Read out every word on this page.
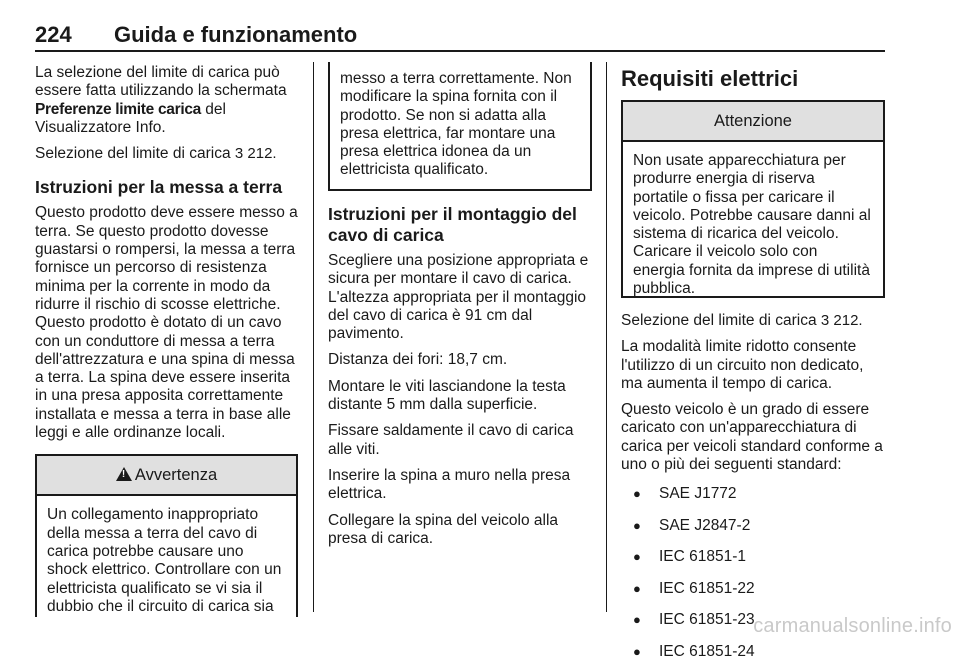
224 Guida e funzionamento

La selezione del limite di carica può essere fatta utilizzando la schermata Preferenze limite carica del Visualizzatore Info.

Selezione del limite di carica 3 212.

Istruzioni per la messa a terra

Questo prodotto deve essere messo a terra. Se questo prodotto dovesse guastarsi o rompersi, la messa a terra fornisce un percorso di resistenza minima per la corrente in modo da ridurre il rischio di scosse elettriche. Questo prodotto è dotato di un cavo con un conduttore di messa a terra dell'attrezzatura e una spina di messa a terra. La spina deve essere inserita in una presa apposita correttamente installata e messa a terra in base alle leggi e alle ordinanze locali.

! Avvertenza
Un collegamento inappropriato della messa a terra del cavo di carica potrebbe causare uno shock elettrico. Controllare con un elettricista qualificato se vi sia il dubbio che il circuito di carica sia
messo a terra correttamente. Non modificare la spina fornita con il prodotto. Se non si adatta alla presa elettrica, far montare una presa elettrica idonea da un elettricista qualificato.
Istruzioni per il montaggio del cavo di carica

Scegliere una posizione appropriata e sicura per montare il cavo di carica. L'altezza appropriata per il montaggio del cavo di carica è 91 cm dal pavimento.

Distanza dei fori: 18,7 cm.

Montare le viti lasciandone la testa distante 5 mm dalla superficie.

Fissare saldamente il cavo di carica alle viti.

Inserire la spina a muro nella presa elettrica.

Collegare la spina del veicolo alla presa di carica.

Requisiti elettrici
Attenzione
Non usate apparecchiatura per produrre energia di riserva portatile o fissa per caricare il veicolo. Potrebbe causare danni al sistema di ricarica del veicolo. Caricare il veicolo solo con energia fornita da imprese di utilità pubblica.

Selezione del limite di carica 3 212.

La modalità limite ridotto consente l'utilizzo di un circuito non dedicato, ma aumenta il tempo di carica.

Questo veicolo è un grado di essere caricato con un'apparecchiatura di carica per veicoli standard conforme a uno o più dei seguenti standard:

● SAE J1772
● SAE J2847-2
● IEC 61851-1
● IEC 61851-22
● IEC 61851-23
● IEC 61851-24
carmanualsonline.info
